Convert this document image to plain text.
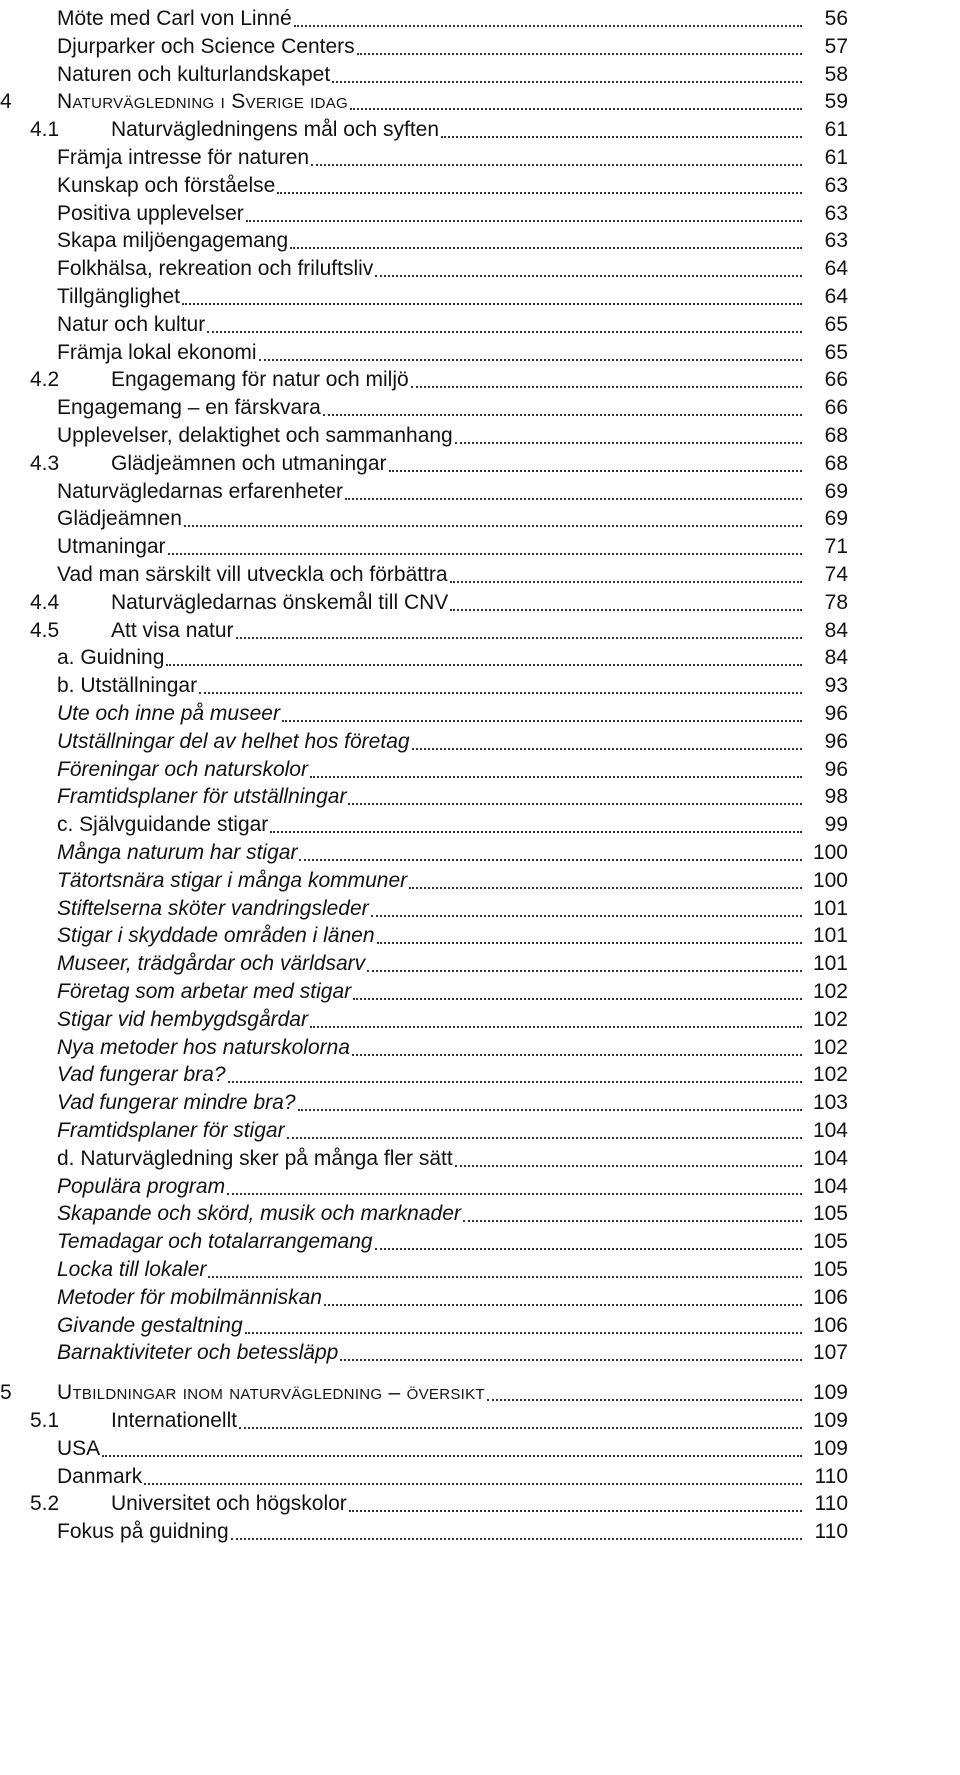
Möte med Carl von Linné	56
Djurparker och Science Centers	57
Naturen och kulturlandskapet	58
4 Naturvägledning i Sverige idag	59
4.1 Naturvägledningens mål och syften	61
Främja intresse för naturen	61
Kunskap och förståelse	63
Positiva upplevelser	63
Skapa miljöengagemang	63
Folkhälsa, rekreation och friluftsliv	64
Tillgänglighet	64
Natur och kultur	65
Främja lokal ekonomi	65
4.2 Engagemang för natur och miljö	66
Engagemang – en färskvara	66
Upplevelser, delaktighet och sammanhang	68
4.3 Glädjeämnen och utmaningar	68
Naturvägledarnas erfarenheter	69
Glädjeämnen	69
Utmaningar	71
Vad man särskilt vill utveckla och förbättra	74
4.4 Naturvägledarnas önskemål till CNV	78
4.5 Att visa natur	84
a. Guidning	84
b. Utställningar	93
Ute och inne på museer	96
Utställningar del av helhet hos företag	96
Föreningar och naturskolor	96
Framtidsplaner för utställningar	98
c. Självguidande stigar	99
Många naturum har stigar	100
Tätortsnära stigar i många kommuner	100
Stiftelserna sköter vandringsleder	101
Stigar i skyddade områden i länen	101
Museer, trädgårdar och världsarv	101
Företag som arbetar med stigar	102
Stigar vid hembygdsgårdar	102
Nya metoder hos naturskolorna	102
Vad fungerar bra?	102
Vad fungerar mindre bra?	103
Framtidsplaner för stigar	104
d. Naturvägledning sker på många fler sätt	104
Populära program	104
Skapande och skörd, musik och marknader	105
Temadagar och totalarrangemang	105
Locka till lokaler	105
Metoder för mobilmänniskan	106
Givande gestaltning	106
Barnaktiviteter och betessläpp	107
5 Utbildningar inom naturvägledning – översikt	109
5.1 Internationellt	109
USA	109
Danmark	110
5.2 Universitet och högskolor	110
Fokus på guidning	110
